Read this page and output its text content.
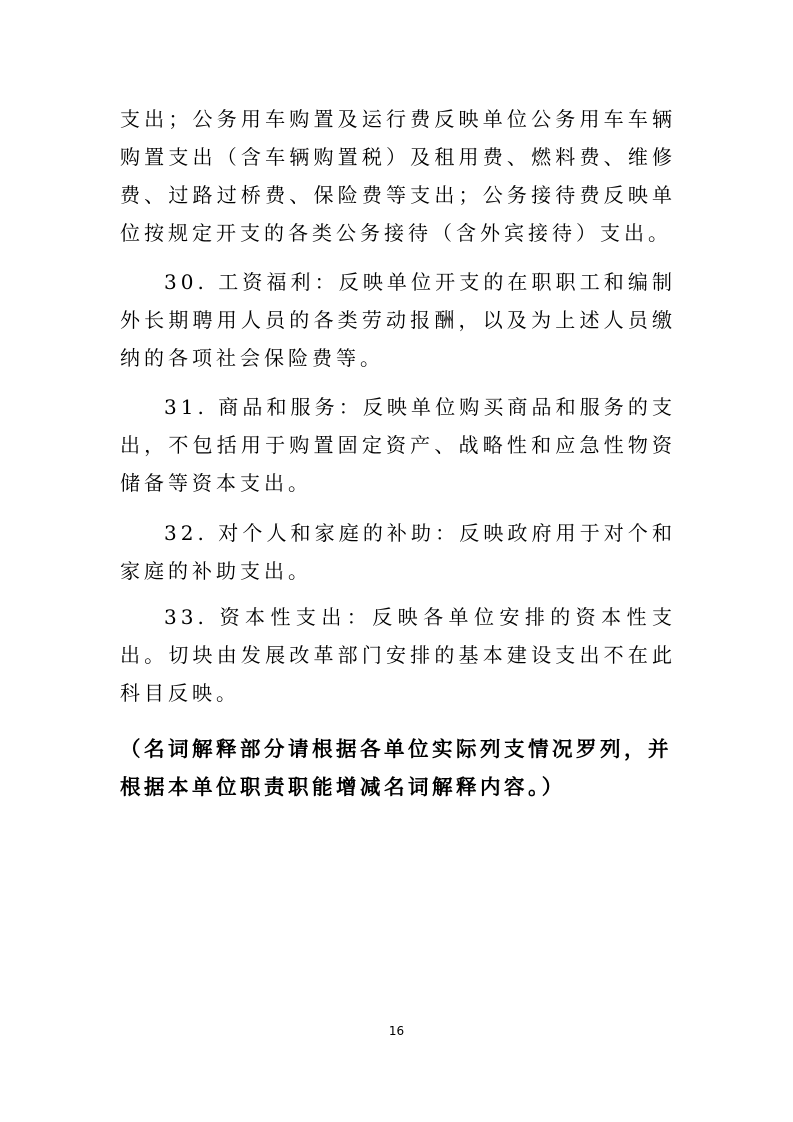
支出；公务用车购置及运行费反映单位公务用车车辆购置支出（含车辆购置税）及租用费、燃料费、维修费、过路过桥费、保险费等支出；公务接待费反映单位按规定开支的各类公务接待（含外宾接待）支出。

30. 工资福利：反映单位开支的在职职工和编制外长期聘用人员的各类劳动报酬，以及为上述人员缴纳的各项社会保险费等。

31. 商品和服务：反映单位购买商品和服务的支出，不包括用于购置固定资产、战略性和应急性物资储备等资本支出。

32. 对个人和家庭的补助：反映政府用于对个和家庭的补助支出。

33. 资本性支出：反映各单位安排的资本性支出。切块由发展改革部门安排的基本建设支出不在此科目反映。

（名词解释部分请根据各单位实际列支情况罗列，并根据本单位职责职能增减名词解释内容。）

16
